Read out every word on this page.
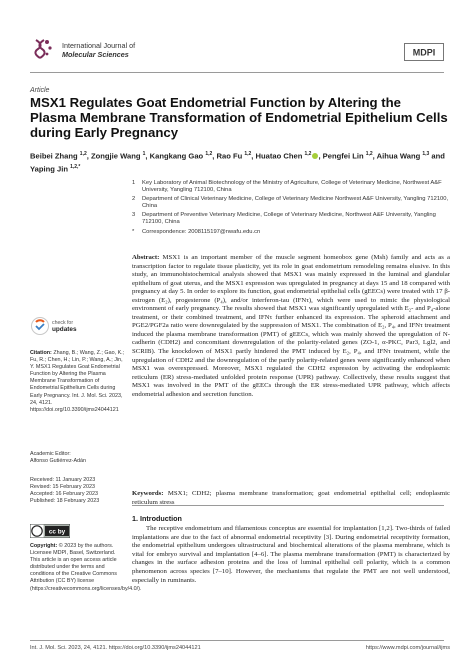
International Journal of
Molecular Sciences	MDPI
Article
MSX1 Regulates Goat Endometrial Function by Altering the Plasma Membrane Transformation of Endometrial Epithelium Cells during Early Pregnancy
Beibei Zhang $^{1,2}$, Zongjie Wang $^1$, Kangkang Gao $^{1,2}$, Rao Fu $^{1,2}$, Huatao Chen $^{1,2}$ , Pengfei Lin $^{1,2}$, Aihua Wang $^{1,3}$ and Yaping Jin $^{1,2,*}$
1	Key Laboratory of Animal Biotechnology of the Ministry of Agriculture, College of Veterinary Medicine, Northwest A&F University, Yangling 712100, China
2	Department of Clinical Veterinary Medicine, College of Veterinary Medicine Northwest A&F University, Yangling 712100, China
3	Department of Preventive Veterinary Medicine, College of Veterinary Medicine, Northwest A&F University, Yangling 712100, China
*	Correspondence: 2008115197@nwafu.edu.cn
Abstract: MSX1 is an important member of the muscle segment homeobox gene (Msh) family and acts as a transcription factor to regulate tissue plasticity, yet its role in goat endometrium remodeling remains elusive. In this study, an immunohistochemical analysis showed that MSX1 was mainly expressed in the luminal and glandular epithelium of goat uterus, and the MSX1 expression was upregulated in pregnancy at days 15 and 18 compared with pregnancy at day 5. In order to explore its function, goat endometrial epithelial cells (gEECs) were treated with 17 β-estrogen (E₂), progesterone (P₄), and/or interferon-tau (IFNτ), which were used to mimic the physiological environment of early pregnancy. The results showed that MSX1 was significantly upregulated with E₂- and P₄-alone treatment, or their combined treatment, and IFNτ further enhanced its expression. The spheroid attachment and PGE2/PGF2a ratio were downregulated by the suppression of MSX1. The combination of E₂, P₄, and IFNτ treatment induced the plasma membrane transformation (PMT) of gEECs, which was mainly showed the upregulation of N-cadherin (CDH2) and concomitant downregulation of the polarity-related genes (ZO-1, α-PKC, Par3, Lgl2, and SCRIB). The knockdown of MSX1 partly hindered the PMT induced by E₂, P₄, and IFNτ treatment, while the upregulation of CDH2 and the downregulation of the partly polarity-related genes were significantly enhanced when MSX1 was overexpressed. Moreover, MSX1 regulated the CDH2 expression by activating the endoplasmic reticulum (ER) stress-mediated unfolded protein response (UPR) pathway. Collectively, these results suggest that MSX1 was involved in the PMT of the gEECs through the ER stress-mediated UPR pathway, which affects endometrial adhesion and secretion function.
Keywords: MSX1; CDH2; plasma membrane transformation; goat endometrial epithelial cell; endoplasmic reticulum stress
check for
updates
Citation: Zhang, B.; Wang, Z.; Gao, K.; Fu, R.; Chen, H.; Lin, P.; Wang, A.; Jin, Y. MSX1 Regulates Goat Endometrial Function by Altering the Plasma Membrane Transformation of Endometrial Epithelium Cells during Early Pregnancy. Int. J. Mol. Sci. 2023, 24, 4121. https://doi.org/10.3390/ijms24044121
Academic Editor:
Alfonso Gutiérrez-Adán
Received: 11 January 2023
Revised: 15 February 2023
Accepted: 16 February 2023
Published: 18 February 2023
cc by
Copyright: © 2023 by the authors. Licensee MDPI, Basel, Switzerland. This article is an open access article distributed under the terms and conditions of the Creative Commons Attribution (CC BY) license (https://creativecommons.org/licenses/by/4.0/).
1. Introduction
The receptive endometrium and filamentous conceptus are essential for implantation [1,2]. Two-thirds of failed implantations are due to the fact of abnormal endometrial receptivity [3]. During endometrial receptivity formation, the endometrial epithelium undergoes ultrastructural and biochemical alterations of the plasma membrane, which is vital for embryo survival and implantation [4–6]. The plasma membrane transformation (PMT) is characterized by changes in the surface adhesion proteins and the loss of luminal epithelial cell polarity, which is a common phenomenon across species [7–10]. However, the mechanisms that regulate the PMT are not well understood, especially in ruminants.
Int. J. Mol. Sci. 2023, 24, 4121. https://doi.org/10.3390/ijms24044121	https://www.mdpi.com/journal/ijms
